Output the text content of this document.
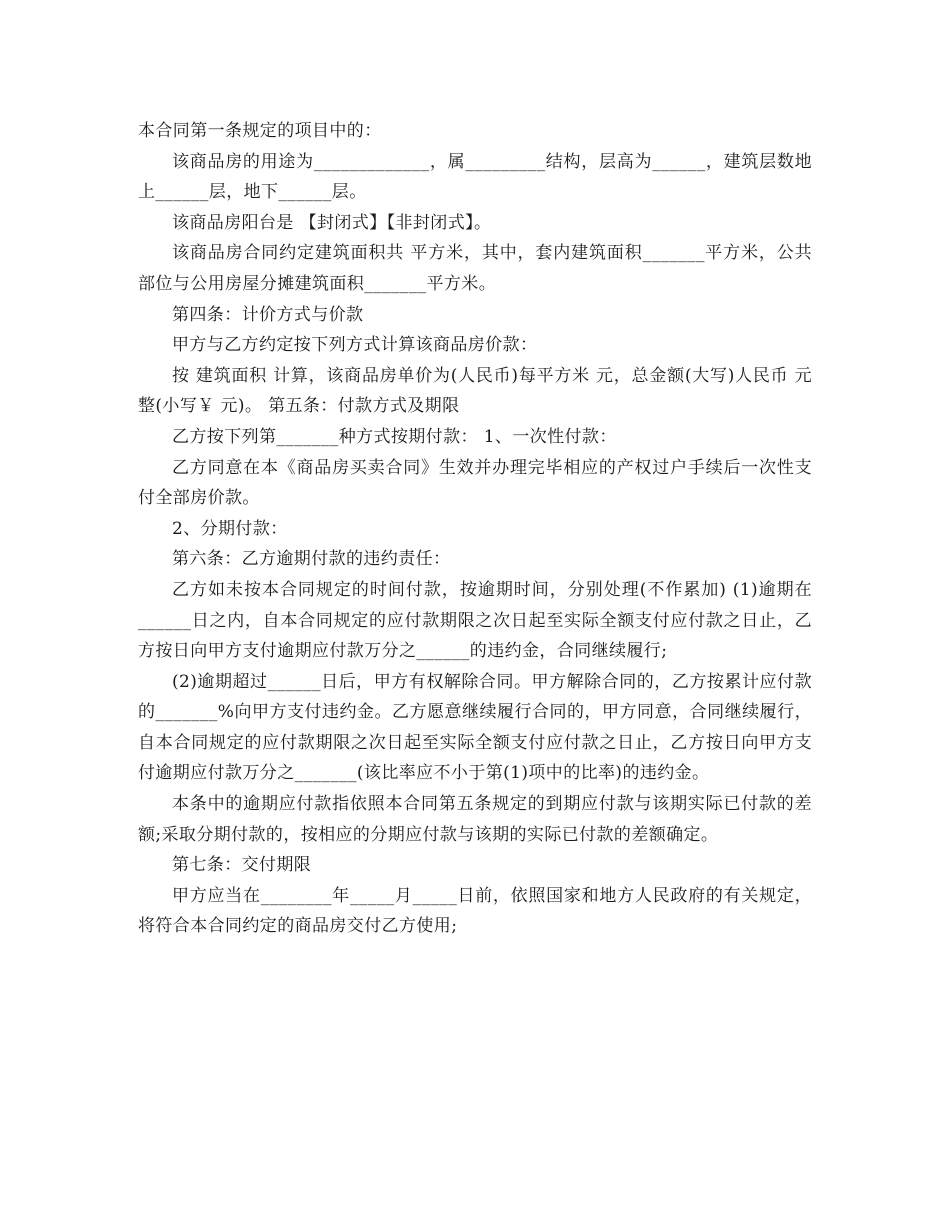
本合同第一条规定的项目中的：

该商品房的用途为_____________，属_________结构，层高为______，建筑层数地上______层，地下______层。

该商品房阳台是 【封闭式】【非封闭式】。

该商品房合同约定建筑面积共 平方米，其中，套内建筑面积_______平方米，公共部位与公用房屋分摊建筑面积_______平方米。

第四条：计价方式与价款

甲方与乙方约定按下列方式计算该商品房价款：

按 建筑面积 计算，该商品房单价为(人民币)每平方米 元，总金额(大写)人民币 元整(小写￥ 元)。 第五条：付款方式及期限

乙方按下列第_______种方式按期付款： 1、一次性付款：

乙方同意在本《商品房买卖合同》生效并办理完毕相应的产权过户手续后一次性支付全部房价款。

2、分期付款：

第六条：乙方逾期付款的违约责任：

乙方如未按本合同规定的时间付款，按逾期时间，分别处理(不作累加) (1)逾期在______日之内，自本合同规定的应付款期限之次日起至实际全额支付应付款之日止，乙方按日向甲方支付逾期应付款万分之______的违约金，合同继续履行;

(2)逾期超过______日后，甲方有权解除合同。甲方解除合同的，乙方按累计应付款的_______%向甲方支付违约金。乙方愿意继续履行合同的，甲方同意，合同继续履行，自本合同规定的应付款期限之次日起至实际全额支付应付款之日止，乙方按日向甲方支付逾期应付款万分之_______(该比率应不小于第(1)项中的比率)的违约金。

本条中的逾期应付款指依照本合同第五条规定的到期应付款与该期实际已付款的差额;采取分期付款的，按相应的分期应付款与该期的实际已付款的差额确定。

第七条：交付期限

甲方应当在________年_____月_____日前，依照国家和地方人民政府的有关规定，将符合本合同约定的商品房交付乙方使用;
